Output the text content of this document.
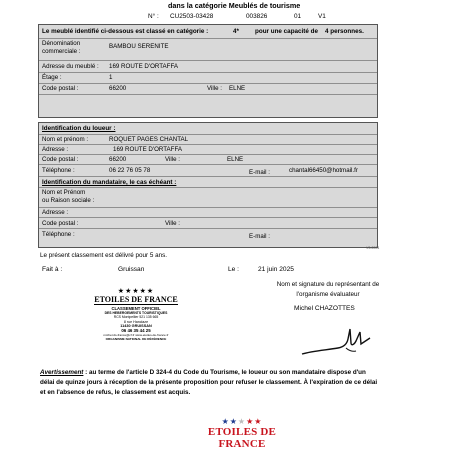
dans la catégorie Meublés de tourisme
N° : CU2503-03428	003826	01	V1
Le meublé identifié ci-dessous est classé en catégorie :	4*	pour une capacité de 4 personnes.
Dénomination commerciale :
BAMBOU SERENITE
Adresse du meublé : 169 ROUTE D'ORTAFFA
Étage :	1
Code postal :	66200	Ville : ELNE
Identification du loueur :
Nom et prénom :	ROQUET PAGES CHANTAL
Adresse :	169 ROUTE D'ORTAFFA
Code postal :	66200	Ville :	ELNE
Téléphone :	06 22 76 05 78	E-mail :	chantal66450@hotmail.fr
Identification du mandataire, le cas échéant :
Nom et Prénom
ou Raison sociale :
Adresse :
Code postal :	Ville :
Téléphone :	E-mail :
V3-2024
Le présent classement est délivré pour 5 ans.
Fait à :	Gruissan	Le :	21 juin 2025
Nom et signature du représentant de l'organisme évaluateur
Michel CHAZOTTES
★★★★★
ETOILES DE FRANCE
CLASSEMENT OFFICIEL
DES HEBERGEMENTS TOURISTIQUES
RCS Montpellier 521 135 665
8 rue Hanclaze
11430 GRUISSAN
06 46 35 44 25
michel.ds-france@cf.fr www.etoiles-de-france.fr
ORGANISME NATIONAL DE RÉFÉRENCE
Avertissement : au terme de l'article D 324-4 du Code du Tourisme, le loueur ou son mandataire dispose d'un délai de quinze jours à réception de la présente proposition pour refuser le classement. À l'expiration de ce délai et en l'absence de refus, le classement est acquis.
★★★★★
ETOILES DE FRANCE
